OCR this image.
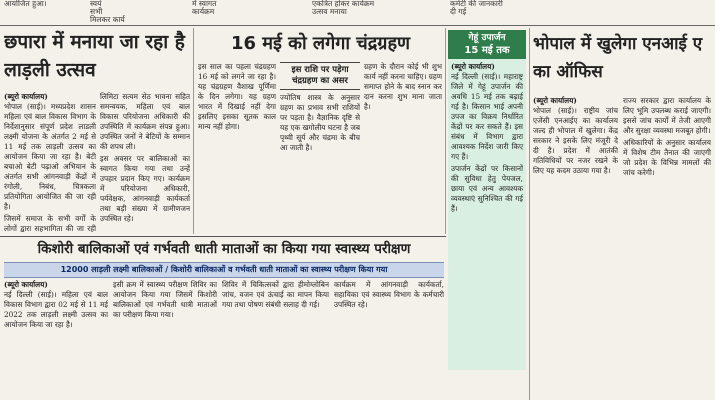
आयोजित हुआ।	स्वयं
सभी
मिलकर कार्य
में स्वागत
कार्यक्रम
एकत्रित होकर कार्यक्रम
उत्सव मनाया
कमेटी की जानकारी
दी गई
छपारा में मनाया जा रहा है लाड़ली उत्सव
(ब्यूरो कार्यालय)

भोपाल (साई)। मध्यप्रदेश शासन महिला एवं बाल विकास विभाग के निर्देशानुसार संपूर्ण प्रदेश लाडली लक्ष्मी योजना के अंतर्गत 2 मई से 11 मई तक लाड़ली उत्सव का आयोजन किया जा रहा है। बेटी बचाओ बेटी पढ़ाओ अभियान के अंतर्गत सभी आंगनवाड़ी केंद्रों में रंगोली, निबंध, चित्रकला प्रतियोगिता आयोजित की जा रही है।

जिसमें समाज के सभी वर्गों के लोगों द्वारा सहभागिता की जा रही

लिमिटा सत्यम सेठ भावना सहित समन्वयक, महिला एवं बाल विकास परियोजना अधिकारी की उपस्थिति में कार्यक्रम संपन्न हुआ। उपस्थित जनों ने बेटियों के सम्मान की शपथ ली।

इस अवसर पर बालिकाओं का स्वागत किया गया तथा उन्हें उपहार प्रदान किए गए। कार्यक्रम में परियोजना अधिकारी, पर्यवेक्षक, आंगनवाड़ी कार्यकर्ता तथा बड़ी संख्या में ग्रामीणजन उपस्थित रहे।

16 मई को लगेगा चंद्रग्रहण

इस साल का पहला चंद्रग्रहण 16 मई को लगने जा रहा है। यह चंद्रग्रहण वैशाख पूर्णिमा के दिन लगेगा। यह ग्रहण भारत में दिखाई नहीं देगा इसलिए इसका सूतक काल मान्य नहीं होगा।

इस राशि पर पड़ेगा चंद्रग्रहण का असर

ज्योतिष शास्त्र के अनुसार ग्रहण का प्रभाव सभी राशियों पर पड़ता है। वैज्ञानिक दृष्टि से यह एक खगोलीय घटना है जब पृथ्वी सूर्य और चंद्रमा के बीच आ जाती है।

ग्रहण के दौरान कोई भी शुभ कार्य नहीं करना चाहिए। ग्रहण समाप्त होने के बाद स्नान कर दान करना शुभ माना जाता है।

गेहूं उपार्जन
15 मई तक
(ब्यूरो कार्यालय)

नई दिल्ली (साई)। महाराष्ट्र जिले में गेहूं उपार्जन की अवधि 15 मई तक बढ़ाई गई है। किसान भाई अपनी उपज का विक्रय निर्धारित केंद्रों पर कर सकते हैं। इस संबंध में विभाग द्वारा आवश्यक निर्देश जारी किए गए हैं।

उपार्जन केंद्रों पर किसानों की सुविधा हेतु पेयजल, छाया एवं अन्य आवश्यक व्यवस्थाएं सुनिश्चित की गई हैं।

भोपाल में खुलेगा एनआई ए का ऑफिस
(ब्यूरो कार्यालय)

भोपाल (साई)। राष्ट्रीय जांच एजेंसी एनआईए का कार्यालय जल्द ही भोपाल में खुलेगा। केंद्र सरकार ने इसके लिए मंजूरी दे दी है। प्रदेश में आतंकी गतिविधियों पर नजर रखने के लिए यह कदम उठाया गया है।

राज्य सरकार द्वारा कार्यालय के लिए भूमि उपलब्ध कराई जाएगी। इससे जांच कार्यों में तेजी आएगी और सुरक्षा व्यवस्था मजबूत होगी।

अधिकारियों के अनुसार कार्यालय में विशेष टीम तैनात की जाएगी जो प्रदेश के विभिन्न मामलों की जांच करेगी।

किशोरी बालिकाओं एवं गर्भवती धाती माताओं का किया गया स्वास्थ्य परीक्षण
12000 लाड़ली लक्ष्मी बालिकाओं / किशोरी बालिकाओं व गर्भवती धाती माताओं का स्वास्थ्य परीक्षण किया गया
(ब्यूरो कार्यालय)

नई दिल्ली (साई)। महिला एवं बाल विकास विभाग द्वारा 02 मई से 11 मई 2022 तक लाड़ली लक्ष्मी उत्सव का आयोजन किया जा रहा है।

इसी क्रम में स्वास्थ्य परीक्षण शिविर का आयोजन किया गया जिसमें किशोरी बालिकाओं एवं गर्भवती धात्री माताओं का परीक्षण किया गया।

शिविर में चिकित्सकों द्वारा हीमोग्लोबिन जांच, वजन एवं ऊंचाई का मापन किया गया तथा पोषण संबंधी सलाह दी गई।

कार्यक्रम में आंगनवाड़ी कार्यकर्ता, सहायिका एवं स्वास्थ्य विभाग के कर्मचारी उपस्थित रहे।
